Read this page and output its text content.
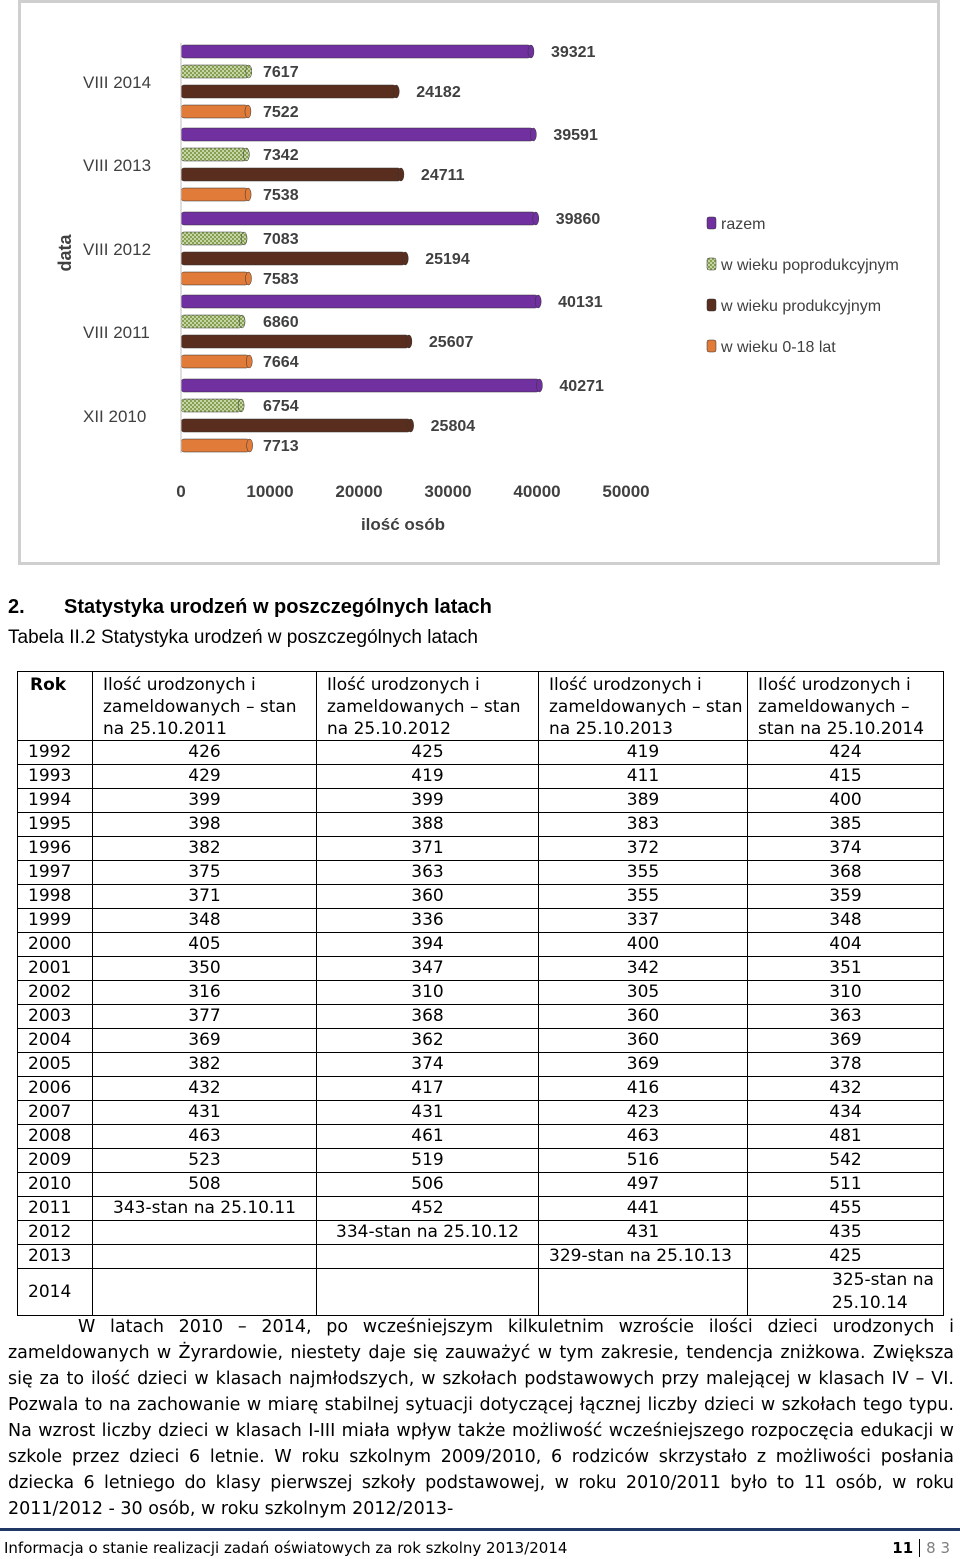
XII 2010
40271
6754
25804
7713
VIII 2011
40131
6860
25607
7664
VIII 2012
39860
7083
25194
7583
VIII 2013
39591
7342
24711
7538
VIII 2014
39321
7617
24182
7522
0	10000 20000 30000 40000 50000
ilość osób
data
razem
w wieku poprodukcyjnym
w wieku produkcyjnym
w wieku 0-18 lat
2. Statystyka urodzeń w poszczególnych latach
Tabela II.2 Statystyka urodzeń w poszczególnych latach
Rok	Ilość urodzonych i zameldowanych – stan na 25.10.2011	Ilość urodzonych i zameldowanych – stan na 25.10.2012	Ilość urodzonych i zameldowanych – stan na 25.10.2013	Ilość urodzonych i zameldowanych – stan na 25.10.2014
1992	426	425	419	424
1993	429	419	411	415
1994	399	399	389	400
1995	398	388	383	385
1996	382	371	372	374
1997	375	363	355	368
1998	371	360	355	359
1999	348	336	337	348
2000	405	394	400	404
2001	350	347	342	351
2002	316	310	305	310
2003	377	368	360	363
2004	369	362	360	369
2005	382	374	369	378
2006	432	417	416	432
2007	431	431	423	434
2008	463	461	463	481
2009	523	519	516	542
2010	508	506	497	511
2011	343-stan na 25.10.11	452	441	455
2012		334-stan na 25.10.12	431	435
2013			329-stan na 25.10.13	425
2014				325-stan na 25.10.14

W latach 2010 – 2014, po wcześniejszym kilkuletnim wzroście ilości dzieci urodzonych i zameldowanych w Żyrardowie, niestety daje się zauważyć w tym zakresie, tendencja zniżkowa. Zwiększa się za to ilość dzieci w klasach najmłodszych, w szkołach podstawowych przy malejącej w klasach IV – VI. Pozwala to na zachowanie w miarę stabilnej sytuacji dotyczącej łącznej liczby dzieci w szkołach tego typu. Na wzrost liczby dzieci w klasach I-III miała wpływ także możliwość wcześniejszego rozpoczęcia edukacji w szkole przez dzieci 6 letnie. W roku szkolnym 2009/2010, 6 rodziców skrzystało z możliwości posłania dziecka 6 letniego do klasy pierwszej szkoły podstawowej, w roku 2010/2011 było to 11 osób, w roku 2011/2012 - 30 osób, w roku szkolnym 2012/2013-

Informacja o stanie realizacji zadań oświatowych za rok szkolny 2013/2014	11 8 3
